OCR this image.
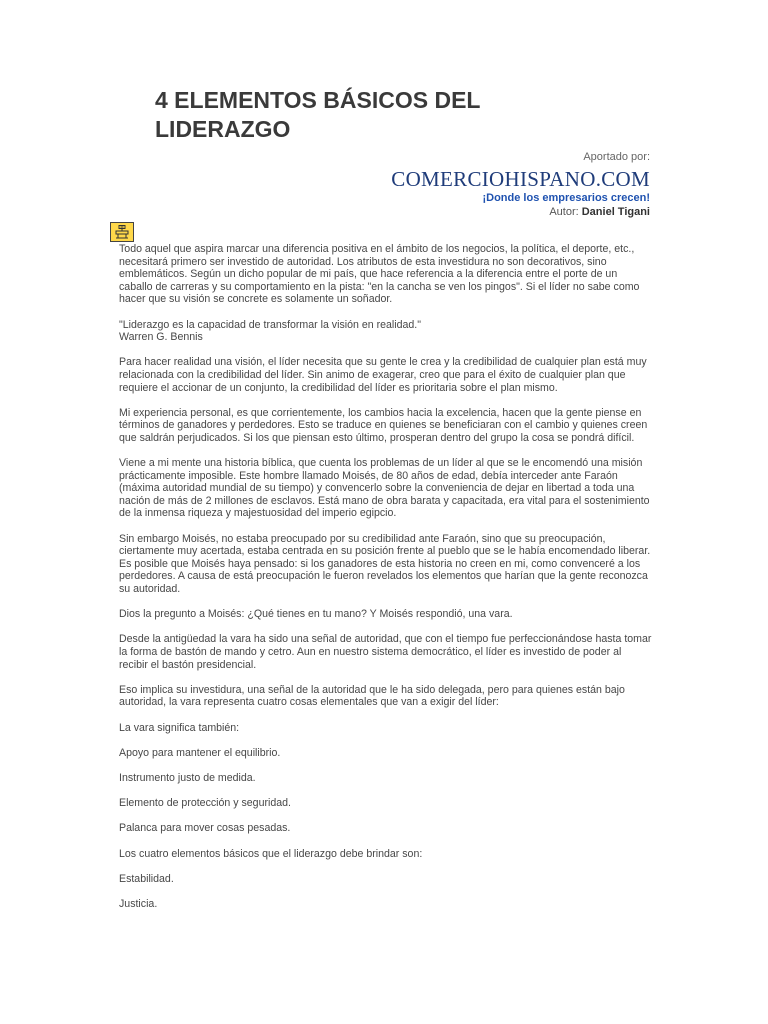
4 ELEMENTOS BÁSICOS DEL LIDERAZGO
Aportado por:
COMERCIOHISPANO.COM
¡Donde los empresarios crecen!
Autor: Daniel Tigani

Todo aquel que aspira marcar una diferencia positiva en el ámbito de los negocios, la política, el deporte, etc., necesitará primero ser investido de autoridad. Los atributos de esta investidura no son decorativos, sino emblemáticos. Según un dicho popular de mi país, que hace referencia a la diferencia entre el porte de un caballo de carreras y su comportamiento en la pista: "en la cancha se ven los pingos". Si el líder no sabe como hacer que su visión se concrete es solamente un soñador.

"Liderazgo es la capacidad de transformar la visión en realidad."
Warren G. Bennis

Para hacer realidad una visión, el líder necesita que su gente le crea y la credibilidad de cualquier plan está muy relacionada con la credibilidad del líder. Sin animo de exagerar, creo que para el éxito de cualquier plan que requiere el accionar de un conjunto, la credibilidad del líder es prioritaria sobre el plan mismo.

Mi experiencia personal, es que corrientemente, los cambios hacia la excelencia, hacen que la gente piense en términos de ganadores y perdedores. Esto se traduce en quienes se beneficiaran con el cambio y quienes creen que saldrán perjudicados. Si los que piensan esto último, prosperan dentro del grupo la cosa se pondrá difícil.

Viene a mi mente una historia bíblica, que cuenta los problemas de un líder al que se le encomendó una misión prácticamente imposible. Este hombre llamado Moisés, de 80 años de edad, debía interceder ante Faraón (máxima autoridad mundial de su tiempo) y convencerlo sobre la conveniencia de dejar en libertad a toda una nación de más de 2 millones de esclavos. Está mano de obra barata y capacitada, era vital para el sostenimiento de la inmensa riqueza y majestuosidad del imperio egipcio.

Sin embargo Moisés, no estaba preocupado por su credibilidad ante Faraón, sino que su preocupación, ciertamente muy acertada, estaba centrada en su posición frente al pueblo que se le había encomendado liberar. Es posible que Moisés haya pensado: si los ganadores de esta historia no creen en mi, como convenceré a los perdedores. A causa de está preocupación le fueron revelados los elementos que harían que la gente reconozca su autoridad.

Dios la pregunto a Moisés: ¿Qué tienes en tu mano? Y Moisés respondió, una vara.

Desde la antigüedad la vara ha sido una señal de autoridad, que con el tiempo fue perfeccionándose hasta tomar la forma de bastón de mando y cetro. Aun en nuestro sistema democrático, el líder es investido de poder al recibir el bastón presidencial.

Eso implica su investidura, una señal de la autoridad que le ha sido delegada, pero para quienes están bajo autoridad, la vara representa cuatro cosas elementales que van a exigir del líder:

La vara significa también:

Apoyo para mantener el equilibrio.

Instrumento justo de medida.

Elemento de protección y seguridad.

Palanca para mover cosas pesadas.

Los cuatro elementos básicos que el liderazgo debe brindar son:

Estabilidad.

Justicia.
